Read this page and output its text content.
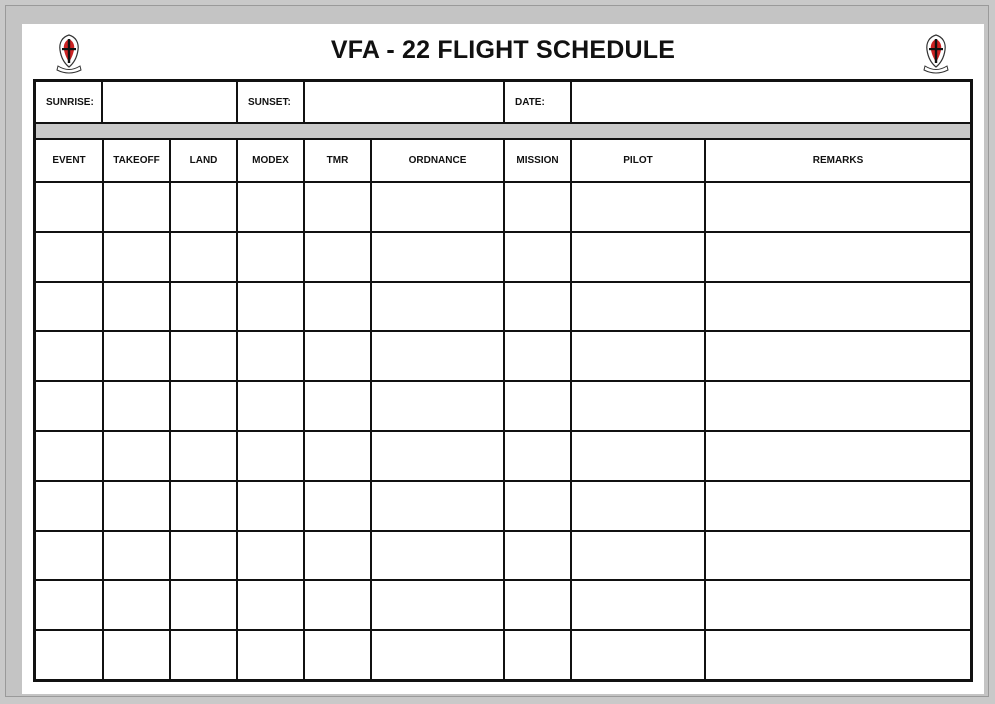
VFA - 22 FLIGHT SCHEDULE
SUNRISE:	SUNSET:	DATE:
EVENT	TAKEOFF	LAND	MODEX	TMR	ORDNANCE	MISSION	PILOT	REMARKS
